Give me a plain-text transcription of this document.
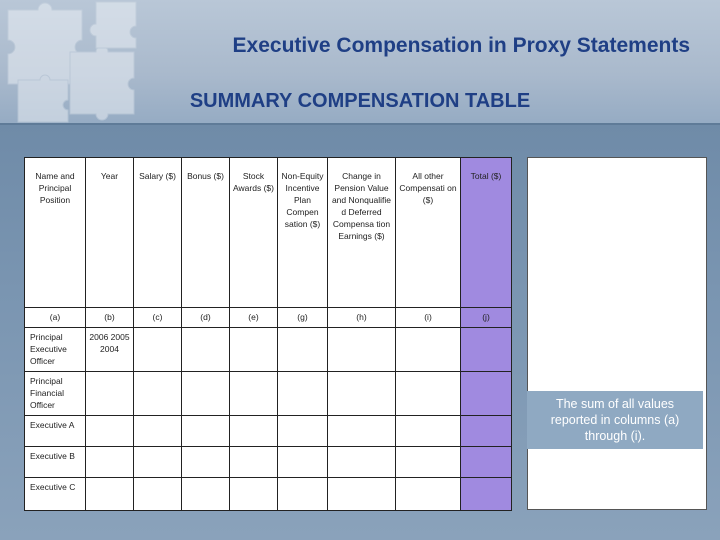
Executive Compensation in Proxy Statements
SUMMARY COMPENSATION TABLE
Name and Principal Position	Year	Salary ($)	Bonus ($)	Stock Awards ($)	Non-Equity Incentive Plan Compen sation ($)	Change in Pension Value and Nonqualifie d Deferred Compensa tion Earnings ($)	All other Compensati on ($)	Total ($)
(a)	(b)	(c)	(d)	(e)	(g)	(h)	(i)	(j)
Principal Executive Officer	2006 2005 2004							
Principal Financial Officer								
Executive A								
Executive B								
Executive C								
The sum of all values reported in columns (a) through (i).
